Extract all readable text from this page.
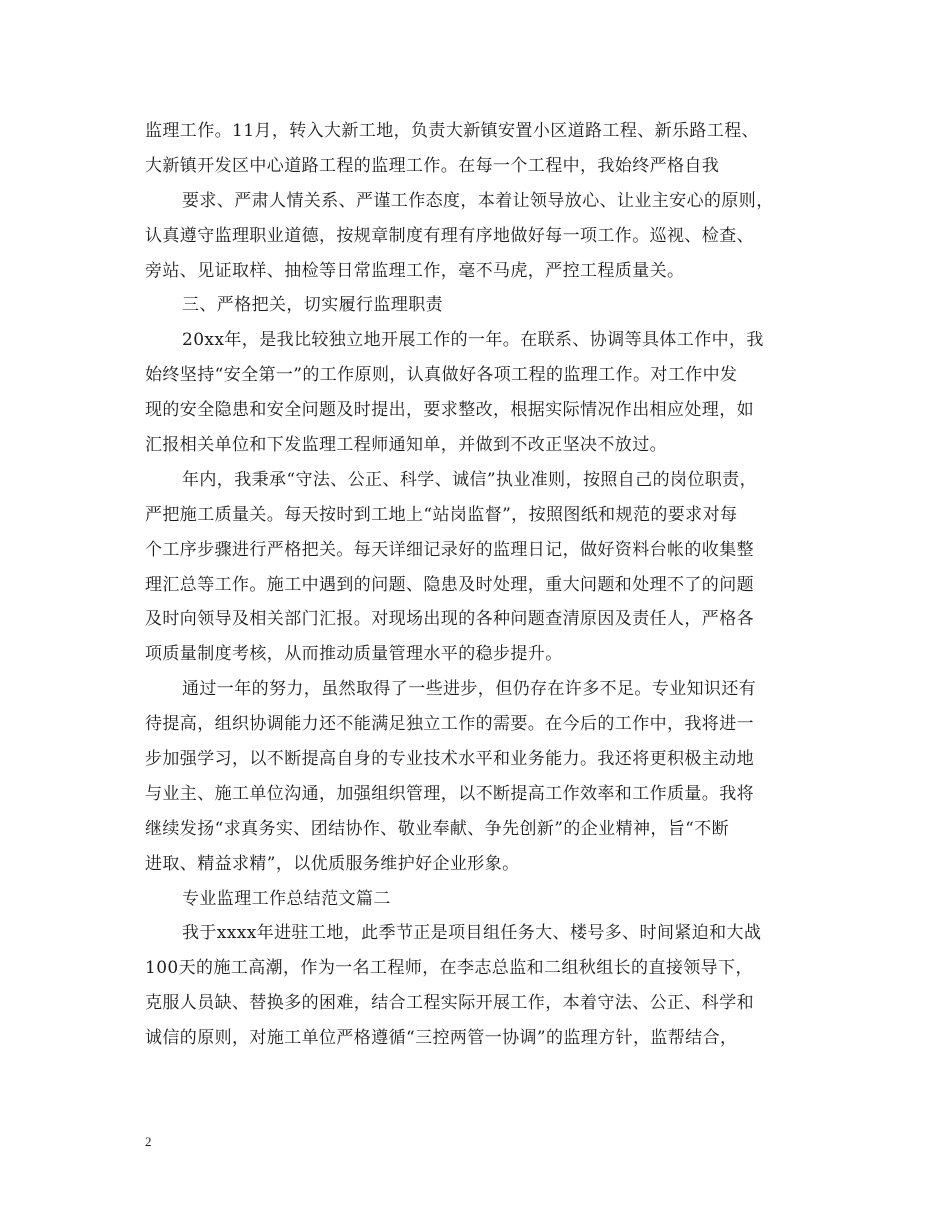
监理工作。11月，转入大新工地，负责大新镇安置小区道路工程、新乐路工程、
大新镇开发区中心道路工程的监理工作。在每一个工程中，我始终严格自我
要求、严肃人情关系、严谨工作态度，本着让领导放心、让业主安心的原则，
认真遵守监理职业道德，按规章制度有理有序地做好每一项工作。巡视、检查、
旁站、见证取样、抽检等日常监理工作，毫不马虎，严控工程质量关。
三、严格把关，切实履行监理职责
20xx年，是我比较独立地开展工作的一年。在联系、协调等具体工作中，我
始终坚持“安全第一”的工作原则，认真做好各项工程的监理工作。对工作中发
现的安全隐患和安全问题及时提出，要求整改，根据实际情况作出相应处理，如
汇报相关单位和下发监理工程师通知单，并做到不改正坚决不放过。
年内，我秉承“守法、公正、科学、诚信”执业准则，按照自己的岗位职责，
严把施工质量关。每天按时到工地上“站岗监督”，按照图纸和规范的要求对每
个工序步骤进行严格把关。每天详细记录好的监理日记，做好资料台帐的收集整
理汇总等工作。施工中遇到的问题、隐患及时处理，重大问题和处理不了的问题
及时向领导及相关部门汇报。对现场出现的各种问题查清原因及责任人，严格各
项质量制度考核，从而推动质量管理水平的稳步提升。
通过一年的努力，虽然取得了一些进步，但仍存在许多不足。专业知识还有
待提高，组织协调能力还不能满足独立工作的需要。在今后的工作中，我将进一
步加强学习，以不断提高自身的专业技术水平和业务能力。我还将更积极主动地
与业主、施工单位沟通，加强组织管理，以不断提高工作效率和工作质量。我将
继续发扬“求真务实、团结协作、敬业奉献、争先创新”的企业精神，旨“不断
进取、精益求精”，以优质服务维护好企业形象。
专业监理工作总结范文篇二
我于xxxx年进驻工地，此季节正是项目组任务大、楼号多、时间紧迫和大战
100天的施工高潮，作为一名工程师，在李志总监和二组秋组长的直接领导下，
克服人员缺、替换多的困难，结合工程实际开展工作，本着守法、公正、科学和
诚信的原则，对施工单位严格遵循“三控两管一协调”的监理方针，监帮结合，
2
